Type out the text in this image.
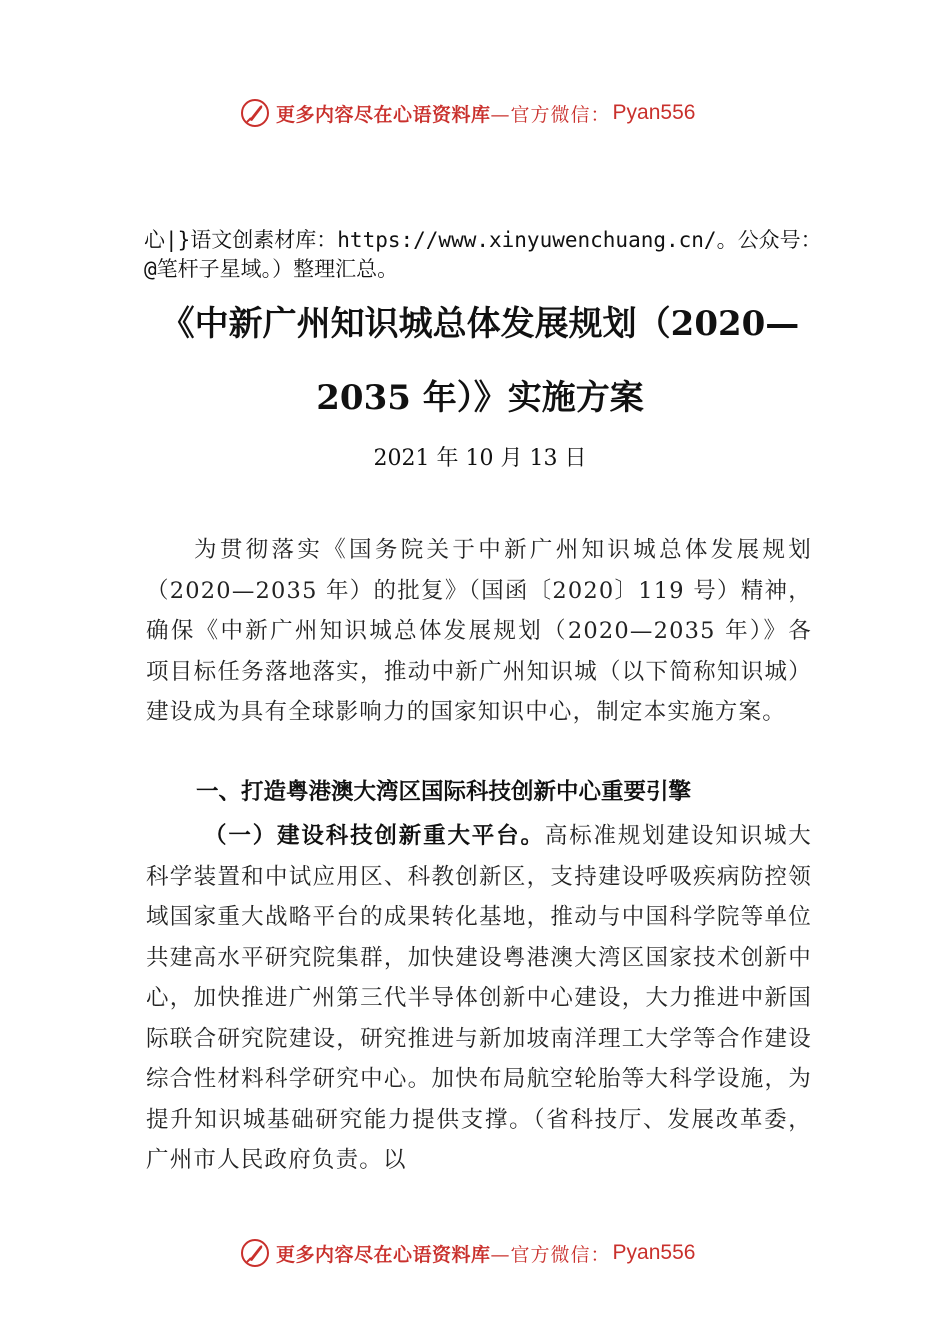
更多内容尽在心语资料库 —官方微信： Pyan556
心|}语文创素材库：https://www.xinyuwenchuang.cn/。公众号：@笔杆子星域。）整理汇总。
《中新广州知识城总体发展规划（2020—
2035 年）》实施方案
2021 年 10 月 13 日
为贯彻落实《国务院关于中新广州知识城总体发展规划（2020—2035 年）的批复》（国函〔2020〕119 号）精神，确保《中新广州知识城总体发展规划（2020—2035 年）》各项目标任务落地落实，推动中新广州知识城（以下简称知识城）建设成为具有全球影响力的国家知识中心，制定本实施方案。
一、打造粤港澳大湾区国际科技创新中心重要引擎
（一）建设科技创新重大平台。高标准规划建设知识城大科学装置和中试应用区、科教创新区，支持建设呼吸疾病防控领域国家重大战略平台的成果转化基地，推动与中国科学院等单位共建高水平研究院集群，加快建设粤港澳大湾区国家技术创新中心，加快推进广州第三代半导体创新中心建设，大力推进中新国际联合研究院建设，研究推进与新加坡南洋理工大学等合作建设综合性材料科学研究中心。加快布局航空轮胎等大科学设施，为提升知识城基础研究能力提供支撑。（省科技厅、发展改革委，广州市人民政府负责。以
更多内容尽在心语资料库 —官方微信： Pyan556
